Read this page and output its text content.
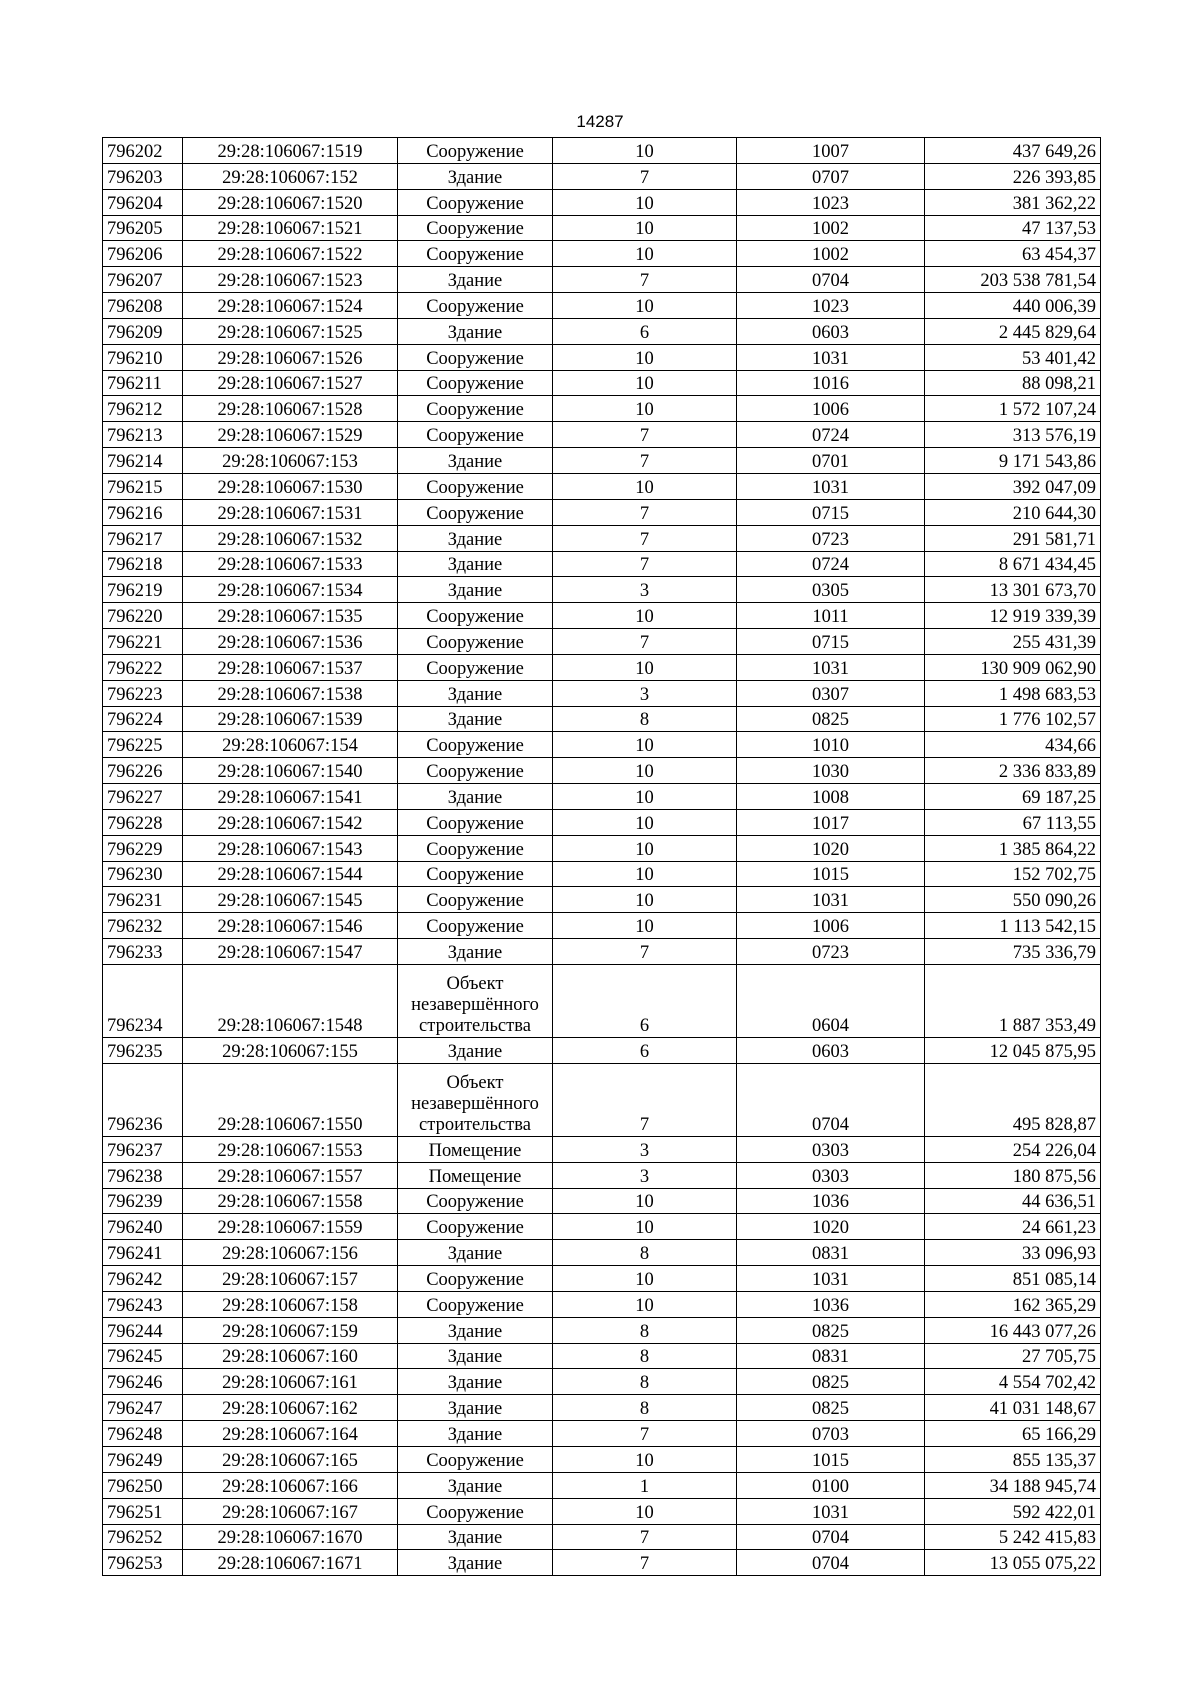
14287
796202	29:28:106067:1519	Сооружение	10	1007	437 649,26
796203	29:28:106067:152	Здание	7	0707	226 393,85
796204	29:28:106067:1520	Сооружение	10	1023	381 362,22
796205	29:28:106067:1521	Сооружение	10	1002	47 137,53
796206	29:28:106067:1522	Сооружение	10	1002	63 454,37
796207	29:28:106067:1523	Здание	7	0704	203 538 781,54
796208	29:28:106067:1524	Сооружение	10	1023	440 006,39
796209	29:28:106067:1525	Здание	6	0603	2 445 829,64
796210	29:28:106067:1526	Сооружение	10	1031	53 401,42
796211	29:28:106067:1527	Сооружение	10	1016	88 098,21
796212	29:28:106067:1528	Сооружение	10	1006	1 572 107,24
796213	29:28:106067:1529	Сооружение	7	0724	313 576,19
796214	29:28:106067:153	Здание	7	0701	9 171 543,86
796215	29:28:106067:1530	Сооружение	10	1031	392 047,09
796216	29:28:106067:1531	Сооружение	7	0715	210 644,30
796217	29:28:106067:1532	Здание	7	0723	291 581,71
796218	29:28:106067:1533	Здание	7	0724	8 671 434,45
796219	29:28:106067:1534	Здание	3	0305	13 301 673,70
796220	29:28:106067:1535	Сооружение	10	1011	12 919 339,39
796221	29:28:106067:1536	Сооружение	7	0715	255 431,39
796222	29:28:106067:1537	Сооружение	10	1031	130 909 062,90
796223	29:28:106067:1538	Здание	3	0307	1 498 683,53
796224	29:28:106067:1539	Здание	8	0825	1 776 102,57
796225	29:28:106067:154	Сооружение	10	1010	434,66
796226	29:28:106067:1540	Сооружение	10	1030	2 336 833,89
796227	29:28:106067:1541	Здание	10	1008	69 187,25
796228	29:28:106067:1542	Сооружение	10	1017	67 113,55
796229	29:28:106067:1543	Сооружение	10	1020	1 385 864,22
796230	29:28:106067:1544	Сооружение	10	1015	152 702,75
796231	29:28:106067:1545	Сооружение	10	1031	550 090,26
796232	29:28:106067:1546	Сооружение	10	1006	1 113 542,15
796233	29:28:106067:1547	Здание	7	0723	735 336,79
796234	29:28:106067:1548	Объект
незавершённого
строительства	6	0604	1 887 353,49
796235	29:28:106067:155	Здание	6	0603	12 045 875,95
796236	29:28:106067:1550	Объект
незавершённого
строительства	7	0704	495 828,87
796237	29:28:106067:1553	Помещение	3	0303	254 226,04
796238	29:28:106067:1557	Помещение	3	0303	180 875,56
796239	29:28:106067:1558	Сооружение	10	1036	44 636,51
796240	29:28:106067:1559	Сооружение	10	1020	24 661,23
796241	29:28:106067:156	Здание	8	0831	33 096,93
796242	29:28:106067:157	Сооружение	10	1031	851 085,14
796243	29:28:106067:158	Сооружение	10	1036	162 365,29
796244	29:28:106067:159	Здание	8	0825	16 443 077,26
796245	29:28:106067:160	Здание	8	0831	27 705,75
796246	29:28:106067:161	Здание	8	0825	4 554 702,42
796247	29:28:106067:162	Здание	8	0825	41 031 148,67
796248	29:28:106067:164	Здание	7	0703	65 166,29
796249	29:28:106067:165	Сооружение	10	1015	855 135,37
796250	29:28:106067:166	Здание	1	0100	34 188 945,74
796251	29:28:106067:167	Сооружение	10	1031	592 422,01
796252	29:28:106067:1670	Здание	7	0704	5 242 415,83
796253	29:28:106067:1671	Здание	7	0704	13 055 075,22
